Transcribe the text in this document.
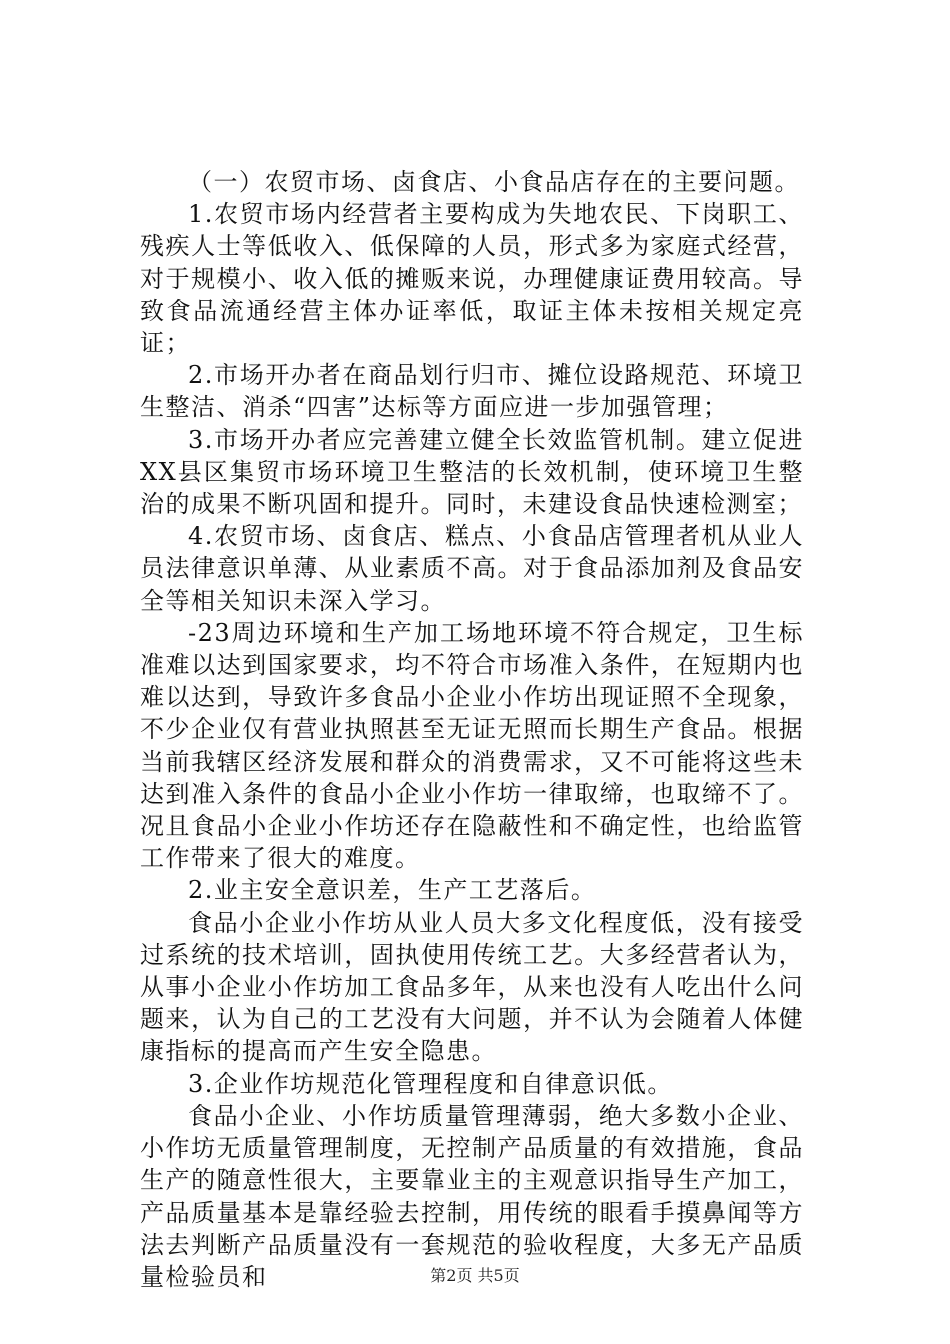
（一）农贸市场、卤食店、小食品店存在的主要问题。

1.农贸市场内经营者主要构成为失地农民、下岗职工、残疾人士等低收入、低保障的人员，形式多为家庭式经营，对于规模小、收入低的摊贩来说，办理健康证费用较高。导致食品流通经营主体办证率低，取证主体未按相关规定亮证；

2.市场开办者在商品划行归市、摊位设路规范、环境卫生整洁、消杀“四害”达标等方面应进一步加强管理；

3.市场开办者应完善建立健全长效监管机制。建立促进XX县区集贸市场环境卫生整洁的长效机制，使环境卫生整治的成果不断巩固和提升。同时，未建设食品快速检测室；

4.农贸市场、卤食店、糕点、小食品店管理者机从业人员法律意识单薄、从业素质不高。对于食品添加剂及食品安全等相关知识未深入学习。

-23周边环境和生产加工场地环境不符合规定，卫生标准难以达到国家要求，均不符合市场准入条件，在短期内也难以达到，导致许多食品小企业小作坊出现证照不全现象，不少企业仅有营业执照甚至无证无照而长期生产食品。根据当前我辖区经济发展和群众的消费需求，又不可能将这些未达到准入条件的食品小企业小作坊一律取缔，也取缔不了。况且食品小企业小作坊还存在隐蔽性和不确定性，也给监管工作带来了很大的难度。

2.业主安全意识差，生产工艺落后。

食品小企业小作坊从业人员大多文化程度低，没有接受过系统的技术培训，固执使用传统工艺。大多经营者认为，从事小企业小作坊加工食品多年，从来也没有人吃出什么问题来，认为自己的工艺没有大问题，并不认为会随着人体健康指标的提高而产生安全隐患。

3.企业作坊规范化管理程度和自律意识低。

食品小企业、小作坊质量管理薄弱，绝大多数小企业、小作坊无质量管理制度，无控制产品质量的有效措施，食品生产的随意性很大，主要靠业主的主观意识指导生产加工，产品质量基本是靠经验去控制，用传统的眼看手摸鼻闻等方法去判断产品质量没有一套规范的验收程度，大多无产品质量检验员和	第2页 共5页
